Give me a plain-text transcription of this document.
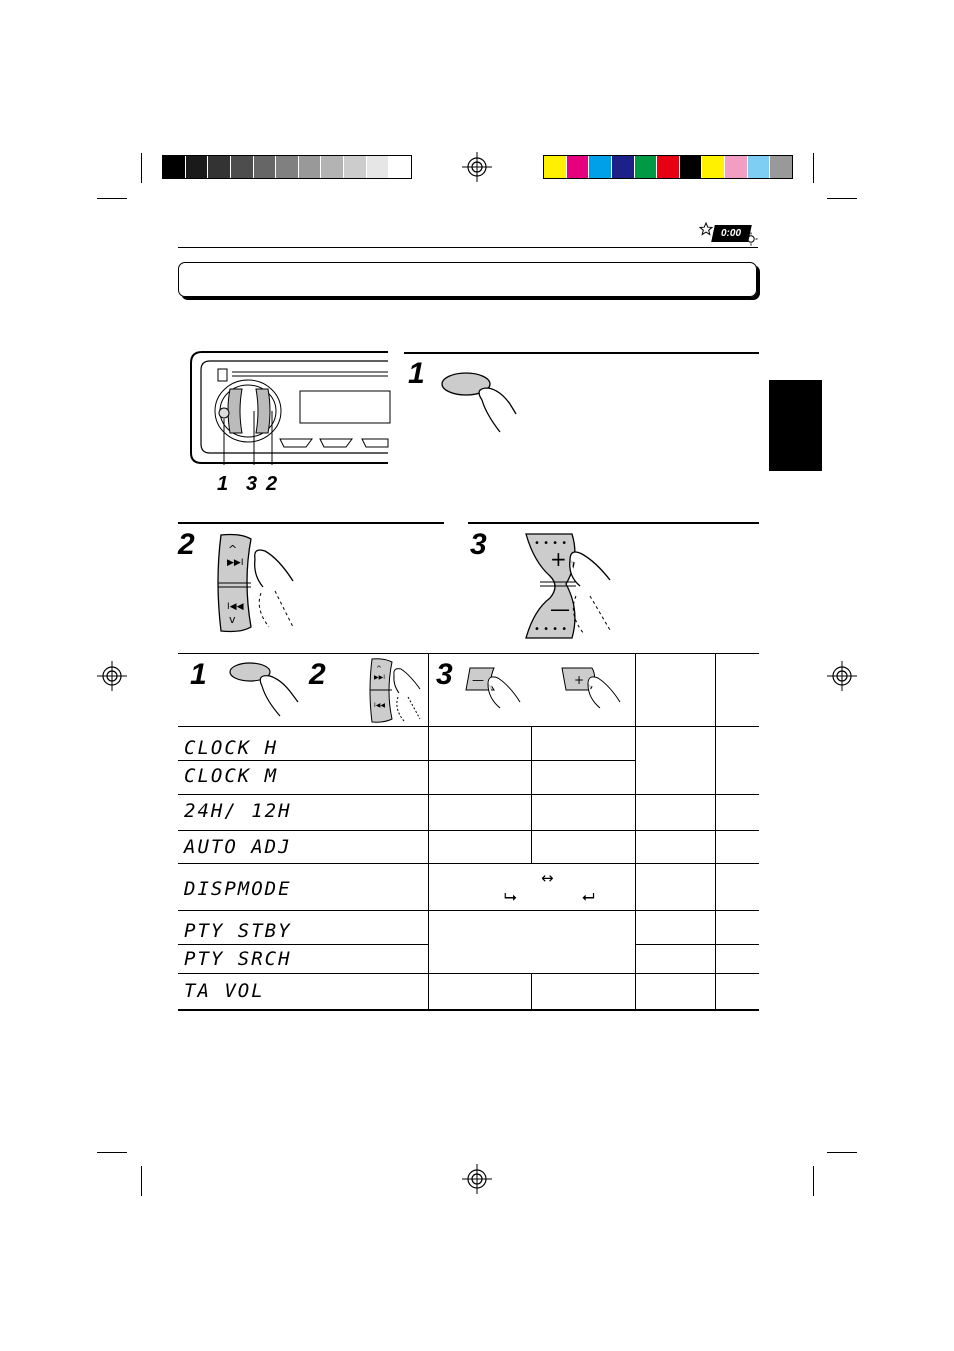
0:00
1 3 2
1
2	^
▶▶I
I◀◀
v
3	• • • •
+
—
• • • •
1	2	^
▶▶I
I◀◀
3 —	+
CLOCK H
CLOCK M
24H/ 12H
AUTO ADJ
DISPMODE
PTY STBY
PTY SRCH
TA VOL
↔
⮡	⮠
